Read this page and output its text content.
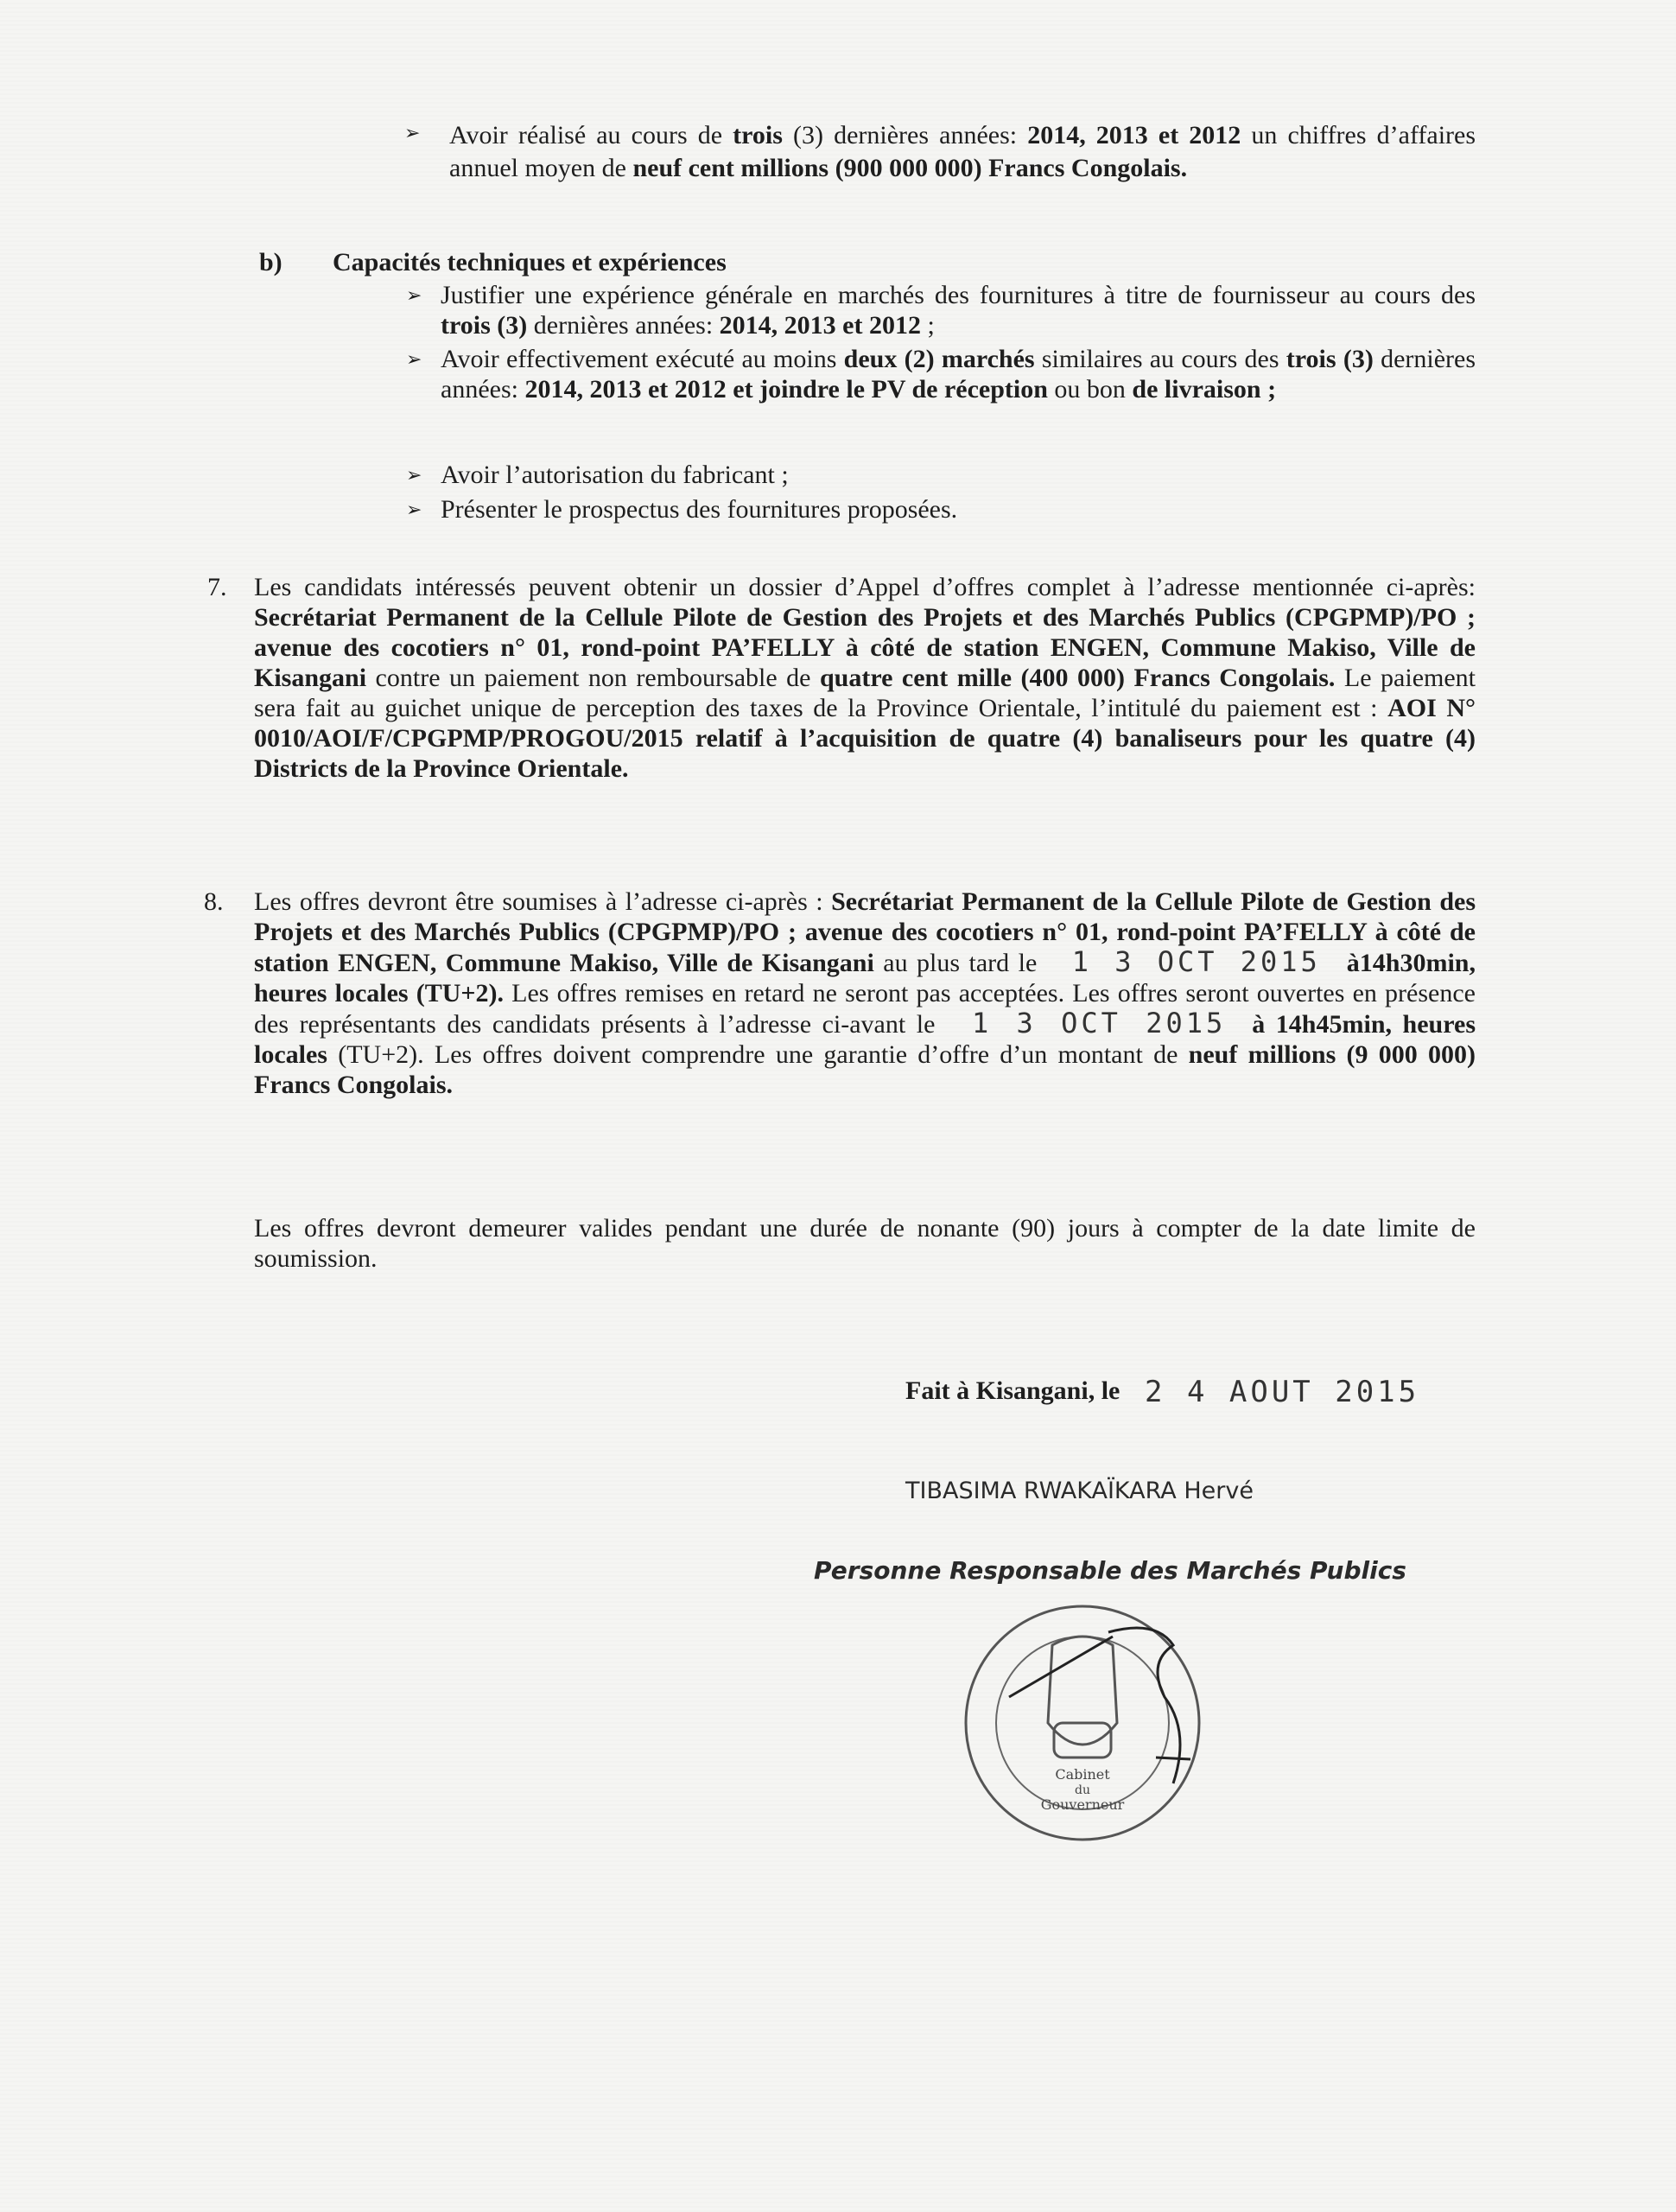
➢ Avoir réalisé au cours de trois (3) dernières années: 2014, 2013 et 2012 un chiffres d’affaires annuel moyen de neuf cent millions (900 000 000) Francs Congolais.
b) Capacités techniques et expériences
➢ Justifier une expérience générale en marchés des fournitures à titre de fournisseur au cours des trois (3) dernières années: 2014, 2013 et 2012 ;
➢ Avoir effectivement exécuté au moins deux (2) marchés similaires au cours des trois (3) dernières années: 2014, 2013 et 2012 et joindre le PV de réception ou bon de livraison ;
➢ Avoir l’autorisation du fabricant ;
➢ Présenter le prospectus des fournitures proposées.
7. Les candidats intéressés peuvent obtenir un dossier d’Appel d’offres complet à l’adresse mentionnée ci-après: Secrétariat Permanent de la Cellule Pilote de Gestion des Projets et des Marchés Publics (CPGPMP)/PO ; avenue des cocotiers n° 01, rond-point PA’FELLY à côté de station ENGEN, Commune Makiso, Ville de Kisangani contre un paiement non remboursable de quatre cent mille (400 000) Francs Congolais. Le paiement sera fait au guichet unique de perception des taxes de la Province Orientale, l’intitulé du paiement est : AOI N° 0010/AOI/F/CPGPMP/PROGOU/2015 relatif à l’acquisition de quatre (4) banaliseurs pour les quatre (4) Districts de la Province Orientale.
8. Les offres devront être soumises à l’adresse ci-après : Secrétariat Permanent de la Cellule Pilote de Gestion des Projets et des Marchés Publics (CPGPMP)/PO ; avenue des cocotiers n° 01, rond-point PA’FELLY à côté de station ENGEN, Commune Makiso, Ville de Kisangani au plus tard le 1 3 OCT 2015 à14h30min, heures locales (TU+2). Les offres remises en retard ne seront pas acceptées. Les offres seront ouvertes en présence des représentants des candidats présents à l’adresse ci-avant le 1 3 OCT 2015 à 14h45min, heures locales (TU+2). Les offres doivent comprendre une garantie d’offre d’un montant de neuf millions (9 000 000) Francs Congolais.
Les offres devront demeurer valides pendant une durée de nonante (90) jours à compter de la date limite de soumission.
Fait à Kisangani, le 2 4 AOUT 2015
TIBASIMA RWAKAÏKARA Hervé
Personne Responsable des Marchés Publics
Cabinet
du
Gouverneur
